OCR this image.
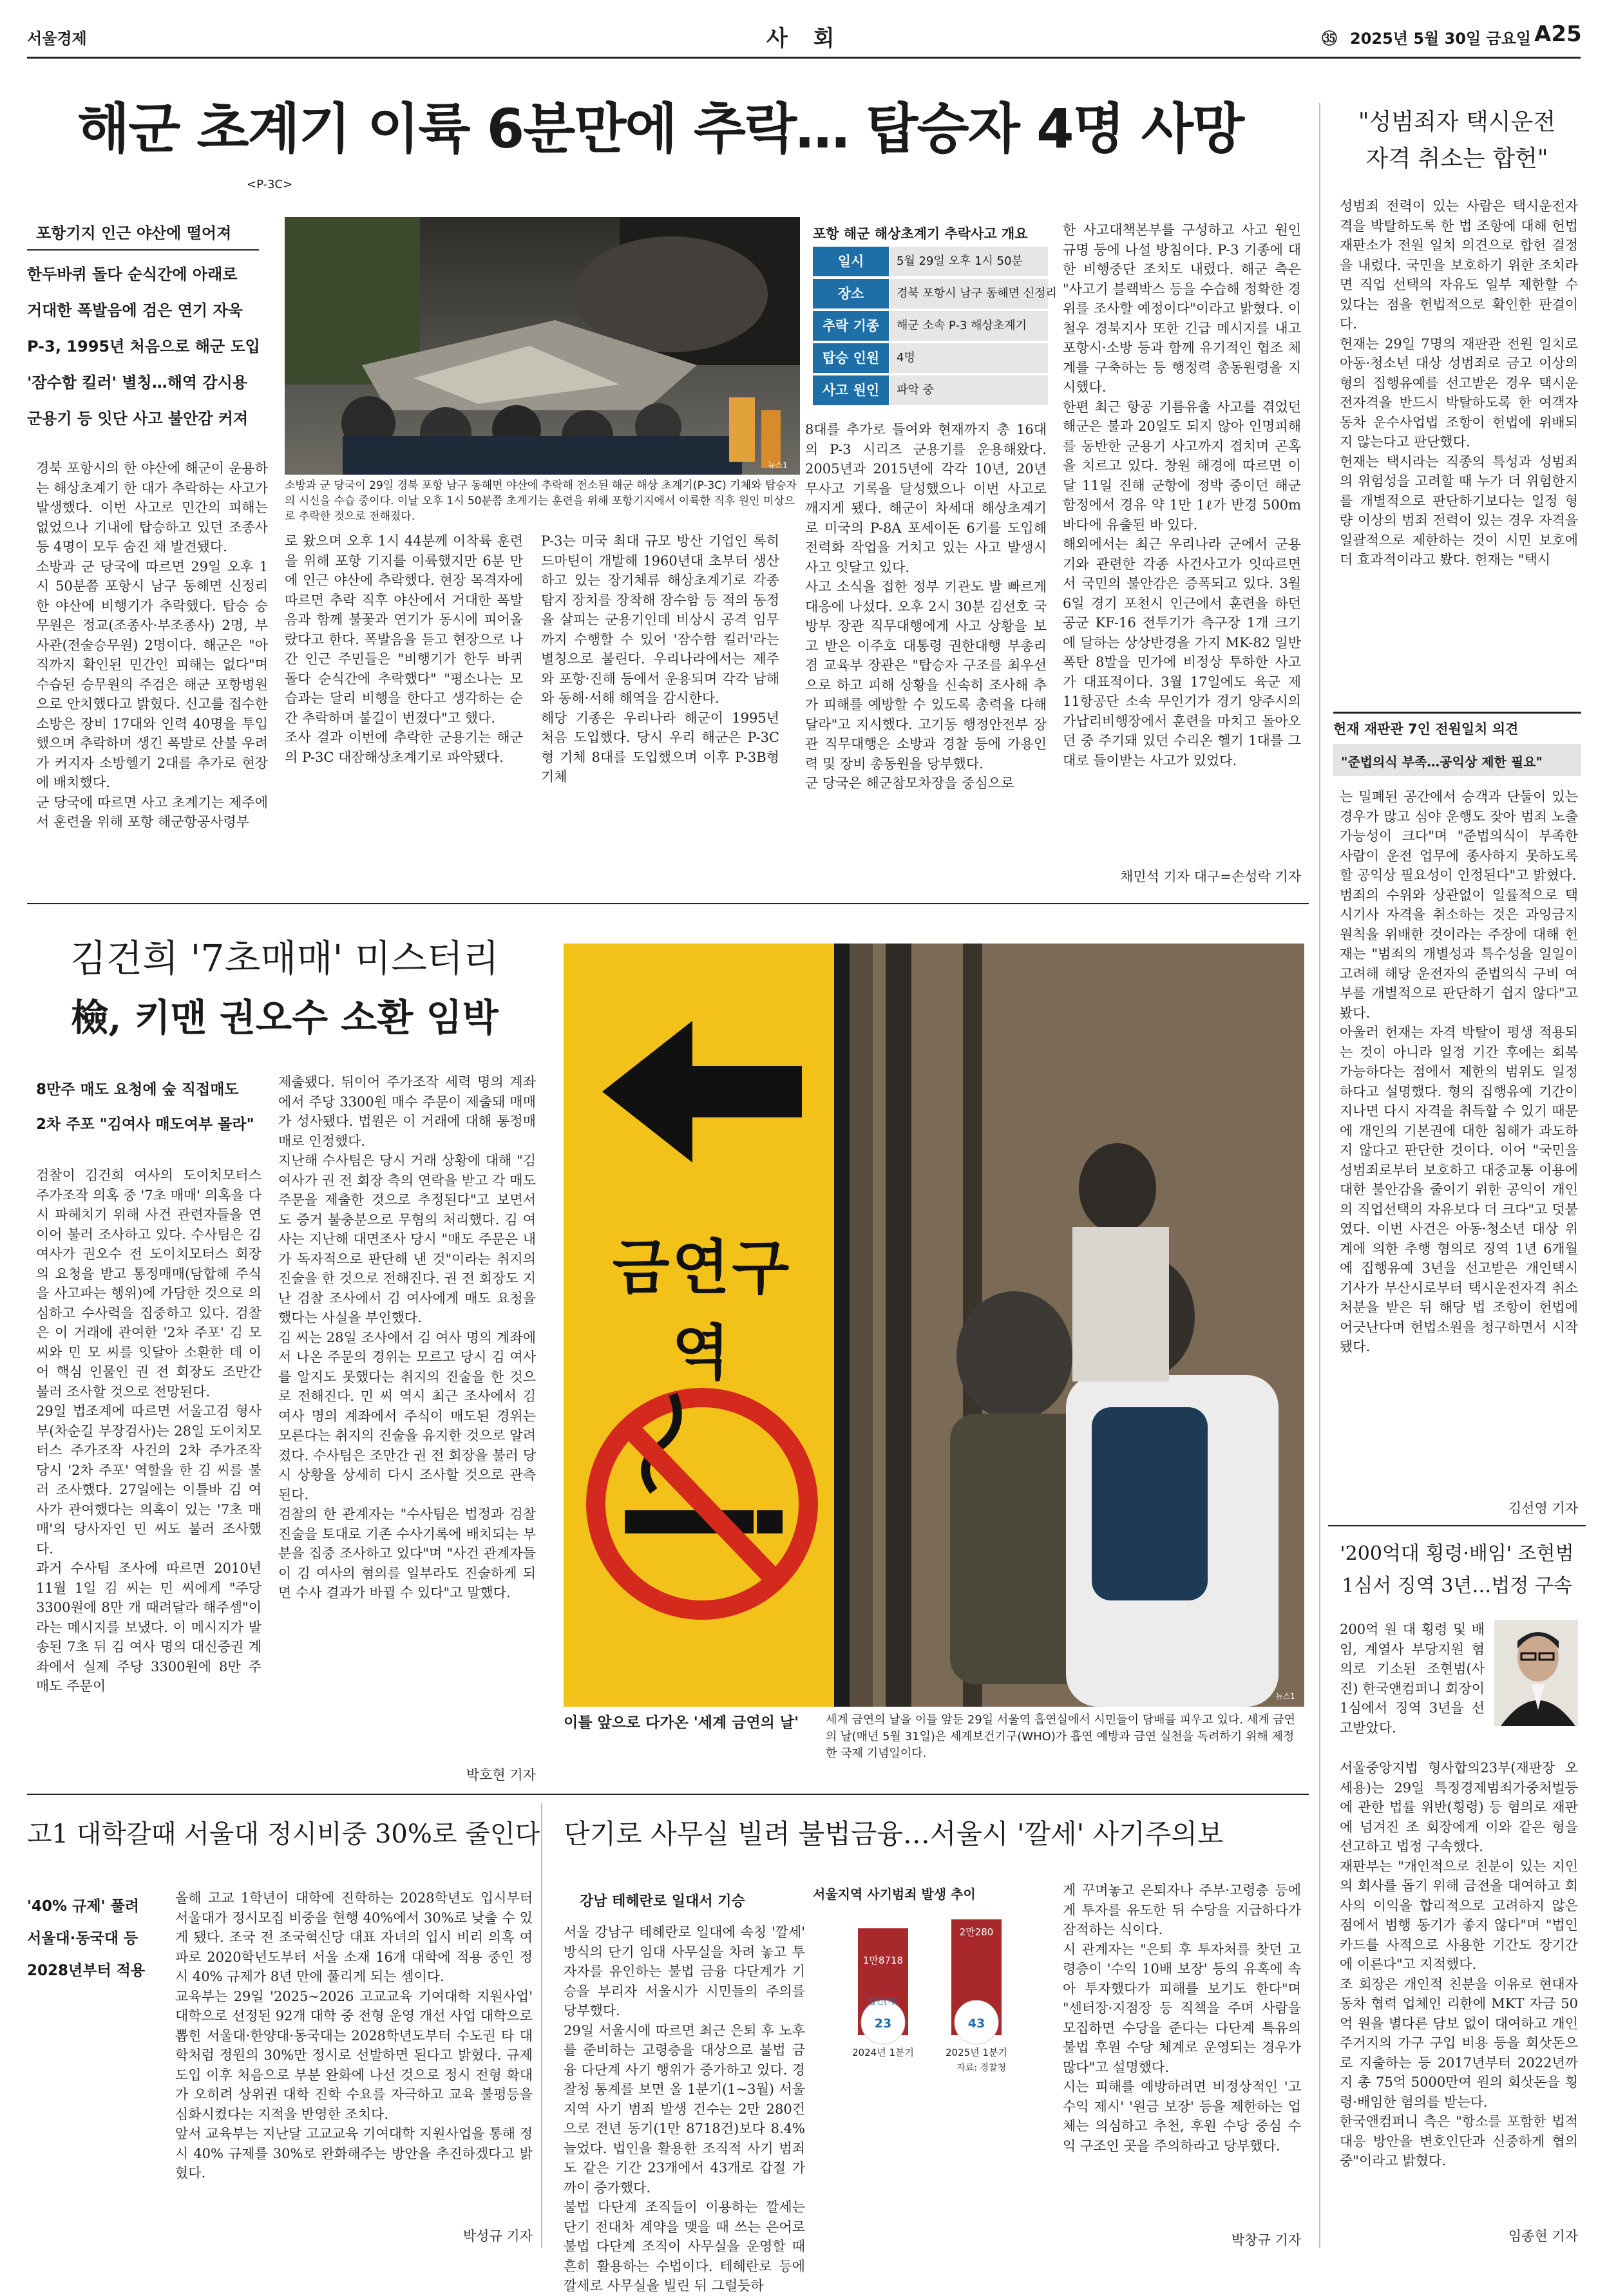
서울경제	사 회	㉟ 2025년 5월 30일 금요일 A25
해군 초계기 이륙 6분만에 추락… 탑승자 4명 사망
<P-3C>
포항기지 인근 야산에 떨어져
한두바퀴 돌다 순식간에 아래로
거대한 폭발음에 검은 연기 자욱
P-3, 1995년 처음으로 해군 도입
'잠수함 킬러' 별칭…해역 감시용
군용기 등 잇단 사고 불안감 커져
뉴스1
소방과 군 당국이 29일 경북 포항 남구 동해면 야산에 추락해 전소된 해군 해상 초계기(P-3C) 기체와 탑승자의 시신을 수습 중이다. 이날 오후 1시 50분쯤 초계기는 훈련을 위해 포항기지에서 이륙한 직후 원인 미상으로 추락한 것으로 전해졌다.
경북 포항시의 한 야산에 해군이 운용하는 해상초계기 한 대가 추락하는 사고가 발생했다. 이번 사고로 민간의 피해는 없었으나 기내에 탑승하고 있던 조종사 등 4명이 모두 숨진 채 발견됐다.
소방과 군 당국에 따르면 29일 오후 1시 50분쯤 포항시 남구 동해면 신정리 한 야산에 비행기가 추락했다. 탑승 승무원은 정교(조종사·부조종사) 2명, 부사관(전술승무원) 2명이다. 해군은 "아직까지 확인된 민간인 피해는 없다"며 수습된 승무원의 주검은 해군 포항병원으로 안치했다고 밝혔다. 신고를 접수한 소방은 장비 17대와 인력 40명을 투입했으며 추락하며 생긴 폭발로 산불 우려가 커지자 소방헬기 2대를 추가로 현장에 배치했다.
군 당국에 따르면 사고 초계기는 제주에서 훈련을 위해 포항 해군항공사령부
로 왔으며 오후 1시 44분께 이착륙 훈련을 위해 포항 기지를 이륙했지만 6분 만에 인근 야산에 추락했다. 현장 목격자에 따르면 추락 직후 야산에서 거대한 폭발음과 함께 불꽃과 연기가 동시에 피어올랐다고 한다. 폭발음을 듣고 현장으로 나간 인근 주민들은 "비행기가 한두 바퀴 돌다 순식간에 추락했다" "평소나는 모습과는 달리 비행을 한다고 생각하는 순간 추락하며 불길이 번졌다"고 했다.
조사 결과 이번에 추락한 군용기는 해군의 P-3C 대잠해상초계기로 파악됐다.
P-3는 미국 최대 규모 방산 기업인 록히드마틴이 개발해 1960년대 초부터 생산하고 있는 장기체류 해상초계기로 각종 탐지 장치를 장착해 잠수함 등 적의 동정을 살피는 군용기인데 비상시 공격 임무까지 수행할 수 있어 '잠수함 킬러'라는 별칭으로 불린다. 우리나라에서는 제주와 포항·진해 등에서 운용되며 각각 남해와 동해·서해 해역을 감시한다.
해당 기종은 우리나라 해군이 1995년 처음 도입했다. 당시 우리 해군은 P-3C형 기체 8대를 도입했으며 이후 P-3B형 기체
포항 해군 해상초계기 추락사고 개요
일시	5월 29일 오후 1시 50분
장소	경북 포항시 남구 동해면 신정리
추락 기종	해군 소속 P-3 해상초계기
탑승 인원	4명
사고 원인	파악 중
8대를 추가로 들여와 현재까지 총 16대의 P-3 시리즈 군용기를 운용해왔다. 2005년과 2015년에 각각 10년, 20년 무사고 기록을 달성했으나 이번 사고로 깨지게 됐다. 해군이 차세대 해상초계기로 미국의 P-8A 포세이돈 6기를 도입해 전력화 작업을 거치고 있는 사고 발생시 사고 잇달고 있다.
사고 소식을 접한 정부 기관도 발 빠르게 대응에 나섰다. 오후 2시 30분 김선호 국방부 장관 직무대행에게 사고 상황을 보고 받은 이주호 대통령 권한대행 부총리 겸 교육부 장관은 "탑승자 구조를 최우선으로 하고 피해 상황을 신속히 조사해 추가 피해를 예방할 수 있도록 총력을 다해달라"고 지시했다. 고기동 행정안전부 장관 직무대행은 소방과 경찰 등에 가용인력 및 장비 총동원을 당부했다.
군 당국은 해군참모차장을 중심으로
한 사고대책본부를 구성하고 사고 원인 규명 등에 나설 방침이다. P-3 기종에 대한 비행중단 조치도 내렸다. 해군 측은 "사고기 블랙박스 등을 수습해 정확한 경위를 조사할 예정이다"이라고 밝혔다. 이철우 경북지사 또한 긴급 메시지를 내고 포항시·소방 등과 함께 유기적인 협조 체계를 구축하는 등 행정력 총동원령을 지시했다.
한편 최근 항공 기름유출 사고를 겪었던 해군은 불과 20일도 되지 않아 인명피해를 동반한 군용기 사고까지 겹치며 곤혹을 치르고 있다. 창원 해경에 따르면 이달 11일 진해 군항에 정박 중이던 해군 함정에서 경유 약 1만 1ℓ가 반경 500m 바다에 유출된 바 있다.
해외에서는 최근 우리나라 군에서 군용기와 관련한 각종 사건사고가 잇따르면서 국민의 불안감은 증폭되고 있다. 3월 6일 경기 포천시 인근에서 훈련을 하던 공군 KF-16 전투기가 측구장 1개 크기에 달하는 상상반경을 가지 MK-82 일반폭탄 8발을 민가에 비정상 투하한 사고가 대표적이다. 3월 17일에도 육군 제11항공단 소속 무인기가 경기 양주시의 가납리비행장에서 훈련을 마치고 돌아오던 중 주기돼 있던 수리온 헬기 1대를 그대로 들이받는 사고가 있었다.
채민석 기자 대구=손성락 기자
김건희 '7초매매' 미스터리
檢, 키맨 권오수 소환 임박
8만주 매도 요청에 숲 직접매도
2차 주포 "김여사 매도여부 몰라"
검찰이 김건희 여사의 도이치모터스 주가조작 의혹 중 '7초 매매' 의혹을 다시 파헤치기 위해 사건 관련자들을 연이어 불러 조사하고 있다. 수사팀은 김 여사가 권오수 전 도이치모터스 회장의 요청을 받고 통정매매(담합해 주식을 사고파는 행위)에 가담한 것으로 의심하고 수사력을 집중하고 있다. 검찰은 이 거래에 관여한 '2차 주포' 김 모 씨와 민 모 씨를 잇달아 소환한 데 이어 핵심 인물인 권 전 회장도 조만간 불러 조사할 것으로 전망된다.
29일 법조계에 따르면 서울고검 형사부(차순길 부장검사)는 28일 도이치모터스 주가조작 사건의 2차 주가조작 당시 '2차 주포' 역할을 한 김 씨를 불러 조사했다. 27일에는 이틀바 김 여사가 관여했다는 의혹이 있는 '7초 매매'의 당사자인 민 씨도 불러 조사했다.
과거 수사팀 조사에 따르면 2010년 11월 1일 김 씨는 민 씨에게 "주당 3300원에 8만 개 때려달라 해주셈"이라는 메시지를 보냈다. 이 메시지가 발송된 7초 뒤 김 여사 명의 대신증권 계좌에서 실제 주당 3300원에 8만 주 매도 주문이
제출됐다. 뒤이어 주가조작 세력 명의 계좌에서 주당 3300원 매수 주문이 제출돼 매매가 성사됐다. 법원은 이 거래에 대해 통정매매로 인정했다.
지난해 수사팀은 당시 거래 상황에 대해 "김 여사가 권 전 회장 측의 연락을 받고 각 매도 주문을 제출한 것으로 추정된다"고 보면서도 증거 불충분으로 무혐의 처리했다. 김 여사는 지난해 대면조사 당시 "매도 주문은 내가 독자적으로 판단해 낸 것"이라는 취지의 진술을 한 것으로 전해진다. 권 전 회장도 지난 검찰 조사에서 김 여사에게 매도 요청을 했다는 사실을 부인했다.
김 씨는 28일 조사에서 김 여사 명의 계좌에서 나온 주문의 경위는 모르고 당시 김 여사를 알지도 못했다는 취지의 진술을 한 것으로 전해진다. 민 씨 역시 최근 조사에서 김 여사 명의 계좌에서 주식이 매도된 경위는 모른다는 취지의 진술을 유지한 것으로 알려졌다. 수사팀은 조만간 권 전 회장을 불러 당시 상황을 상세히 다시 조사할 것으로 관측된다.
검찰의 한 관계자는 "수사팀은 법정과 검찰 진술을 토대로 기존 수사기록에 배치되는 부분을 집중 조사하고 있다"며 "사건 관계자들이 김 여사의 혐의를 일부라도 진술하게 되면 수사 결과가 바뀔 수 있다"고 말했다.
박호현 기자
금연구역
뉴스1
이틀 앞으로 다가온 '세계 금연의 날'	세계 금연의 날을 이틀 앞둔 29일 서울역 흡연실에서 시민들이 담배를 피우고 있다. 세계 금연의 날(매년 5월 31일)은 세계보건기구(WHO)가 흡연 예방과 금연 실천을 독려하기 위해 제정한 국제 기념일이다.
고1 대학갈때 서울대 정시비중 30%로 줄인다
'40% 규제' 풀려
서울대·동국대 등
2028년부터 적용
올해 고교 1학년이 대학에 진학하는 2028학년도 입시부터 서울대가 정시모집 비중을 현행 40%에서 30%로 낮출 수 있게 됐다. 조국 전 조국혁신당 대표 자녀의 입시 비리 의혹 여파로 2020학년도부터 서울 소재 16개 대학에 적용 중인 정시 40% 규제가 8년 만에 풀리게 되는 셈이다.
교육부는 29일 '2025~2026 고교교육 기여대학 지원사업' 대학으로 선정된 92개 대학 중 전형 운영 개선 사업 대학으로 뽑힌 서울대·한양대·동국대는 2028학년도부터 수도권 타 대학처럼 정원의 30%만 정시로 선발하면 된다고 밝혔다. 규제 도입 이후 처음으로 부분 완화에 나선 것으로 정시 전형 확대가 오히려 상위권 대학 진학 수요를 자극하고 교육 불평등을 심화시켰다는 지적을 반영한 조치다.
앞서 교육부는 지난달 고교교육 기여대학 지원사업을 통해 정시 40% 규제를 30%로 완화해주는 방안을 추진하겠다고 밝혔다.
박성규 기자
단기로 사무실 빌려 불법금융…서울시 '깔세' 사기주의보
강남 테헤란로 일대서 기승
서울 강남구 테헤란로 일대에 속칭 '깔세' 방식의 단기 임대 사무실을 차려 놓고 투자자를 유인하는 불법 금융 다단계가 기승을 부리자 서울시가 시민들의 주의를 당부했다.
29일 서울시에 따르면 최근 은퇴 후 노후를 준비하는 고령층을 대상으로 불법 금융 다단계 사기 행위가 증가하고 있다. 경찰청 통계를 보면 올 1분기(1~3월) 서울 지역 사기 범죄 발생 건수는 2만 280건으로 전년 동기(1만 8718건)보다 8.4% 늘었다. 법인을 활용한 조직적 사기 범죄도 같은 기간 23개에서 43개로 갑절 가까이 증가했다.
불법 다단계 조직들이 이용하는 깔세는 단기 전대차 계약을 맺을 때 쓰는 은어로 불법 다단계 조직이 사무실을 운영할 때 흔히 활용하는 수법이다. 테헤란로 등에 깔세로 사무실을 빌린 뒤 그럴듯하
서울지역 사기범죄 발생 추이
발생건수(건)
1만8718
23
2024년 1분기
2만280
43
2025년 1분기
법인(개)
자료: 경찰청
게 꾸며놓고 은퇴자나 주부·고령층 등에게 투자를 유도한 뒤 수당을 지급하다가 잠적하는 식이다.
시 관계자는 "은퇴 후 투자처를 찾던 고령층이 '수익 10배 보장' 등의 유혹에 속아 투자했다가 피해를 보기도 한다"며 "센터장·지점장 등 직책을 주며 사람을 모집하면 수당을 준다는 다단계 특유의 불법 후원 수당 체계로 운영되는 경우가 많다"고 설명했다.
시는 피해를 예방하려면 비정상적인 '고수익 제시' '원금 보장' 등을 제한하는 업체는 의심하고 추천, 후원 수당 중심 수익 구조인 곳을 주의하라고 당부했다.
박창규 기자
"성범죄자 택시운전
자격 취소는 합헌"
성범죄 전력이 있는 사람은 택시운전자격을 박탈하도록 한 법 조항에 대해 헌법재판소가 전원 일치 의견으로 합헌 결정을 내렸다. 국민을 보호하기 위한 조치라면 직업 선택의 자유도 일부 제한할 수 있다는 점을 헌법적으로 확인한 판결이다.
헌재는 29일 7명의 재판관 전원 일치로 아동·청소년 대상 성범죄로 금고 이상의 형의 집행유예를 선고받은 경우 택시운전자격을 반드시 박탈하도록 한 여객자동차 운수사업법 조항이 헌법에 위배되지 않는다고 판단했다.
헌재는 택시라는 직종의 특성과 성범죄의 위험성을 고려할 때 누가 더 위험한지를 개별적으로 판단하기보다는 일정 형량 이상의 범죄 전력이 있는 경우 자격을 일괄적으로 제한하는 것이 시민 보호에 더 효과적이라고 봤다. 헌재는 "택시
헌재 재판관 7인 전원일치 의견
"준법의식 부족…공익상 제한 필요"
는 밀폐된 공간에서 승객과 단둘이 있는 경우가 많고 심야 운행도 잦아 범죄 노출 가능성이 크다"며 "준법의식이 부족한 사람이 운전 업무에 종사하지 못하도록 할 공익상 필요성이 인정된다"고 밝혔다.
범죄의 수위와 상관없이 일률적으로 택시기사 자격을 취소하는 것은 과잉금지원칙을 위배한 것이라는 주장에 대해 헌재는 "범죄의 개별성과 특수성을 일일이 고려해 해당 운전자의 준법의식 구비 여부를 개별적으로 판단하기 쉽지 않다"고 봤다.
아울러 헌재는 자격 박탈이 평생 적용되는 것이 아니라 일정 기간 후에는 회복 가능하다는 점에서 제한의 범위도 일정하다고 설명했다. 형의 집행유예 기간이 지나면 다시 자격을 취득할 수 있기 때문에 개인의 기본권에 대한 침해가 과도하지 않다고 판단한 것이다. 이어 "국민을 성범죄로부터 보호하고 대중교통 이용에 대한 불안감을 줄이기 위한 공익이 개인의 직업선택의 자유보다 더 크다"고 덧붙였다. 이번 사건은 아동·청소년 대상 위계에 의한 추행 혐의로 징역 1년 6개월에 집행유예 3년을 선고받은 개인택시 기사가 부산시로부터 택시운전자격 취소 처분을 받은 뒤 해당 법 조항이 헌법에 어긋난다며 헌법소원을 청구하면서 시작됐다.
김선영 기자
'200억대 횡령·배임' 조현범
1심서 징역 3년…법정 구속
200억 원 대 횡령 및 배임, 계열사 부당지원 혐의로 기소된 조현범(사진) 한국앤컴퍼니 회장이 1심에서 징역 3년을 선고받았다.
서울중앙지법 형사합의23부(재판장 오세용)는 29일 특정경제범죄가중처벌등에 관한 법률 위반(횡령) 등 혐의로 재판에 넘겨진 조 회장에게 이와 같은 형을 선고하고 법정 구속했다.
재판부는 "개인적으로 친분이 있는 지인의 회사를 돕기 위해 금전을 대여하고 회사의 이익을 합리적으로 고려하지 않은 점에서 범행 동기가 좋지 않다"며 "법인카드를 사적으로 사용한 기간도 장기간에 이른다"고 지적했다.
조 회장은 개인적 친분을 이유로 현대자동차 협력 업체인 리한에 MKT 자금 50억 원을 별다른 담보 없이 대여하고 개인 주거지의 가구 구입 비용 등을 회삿돈으로 지출하는 등 2017년부터 2022년까지 총 75억 5000만여 원의 회삿돈을 횡령·배임한 혐의를 받는다.
한국앤컴퍼니 측은 "항소를 포함한 법적 대응 방안을 변호인단과 신중하게 협의 중"이라고 밝혔다.
임종현 기자
